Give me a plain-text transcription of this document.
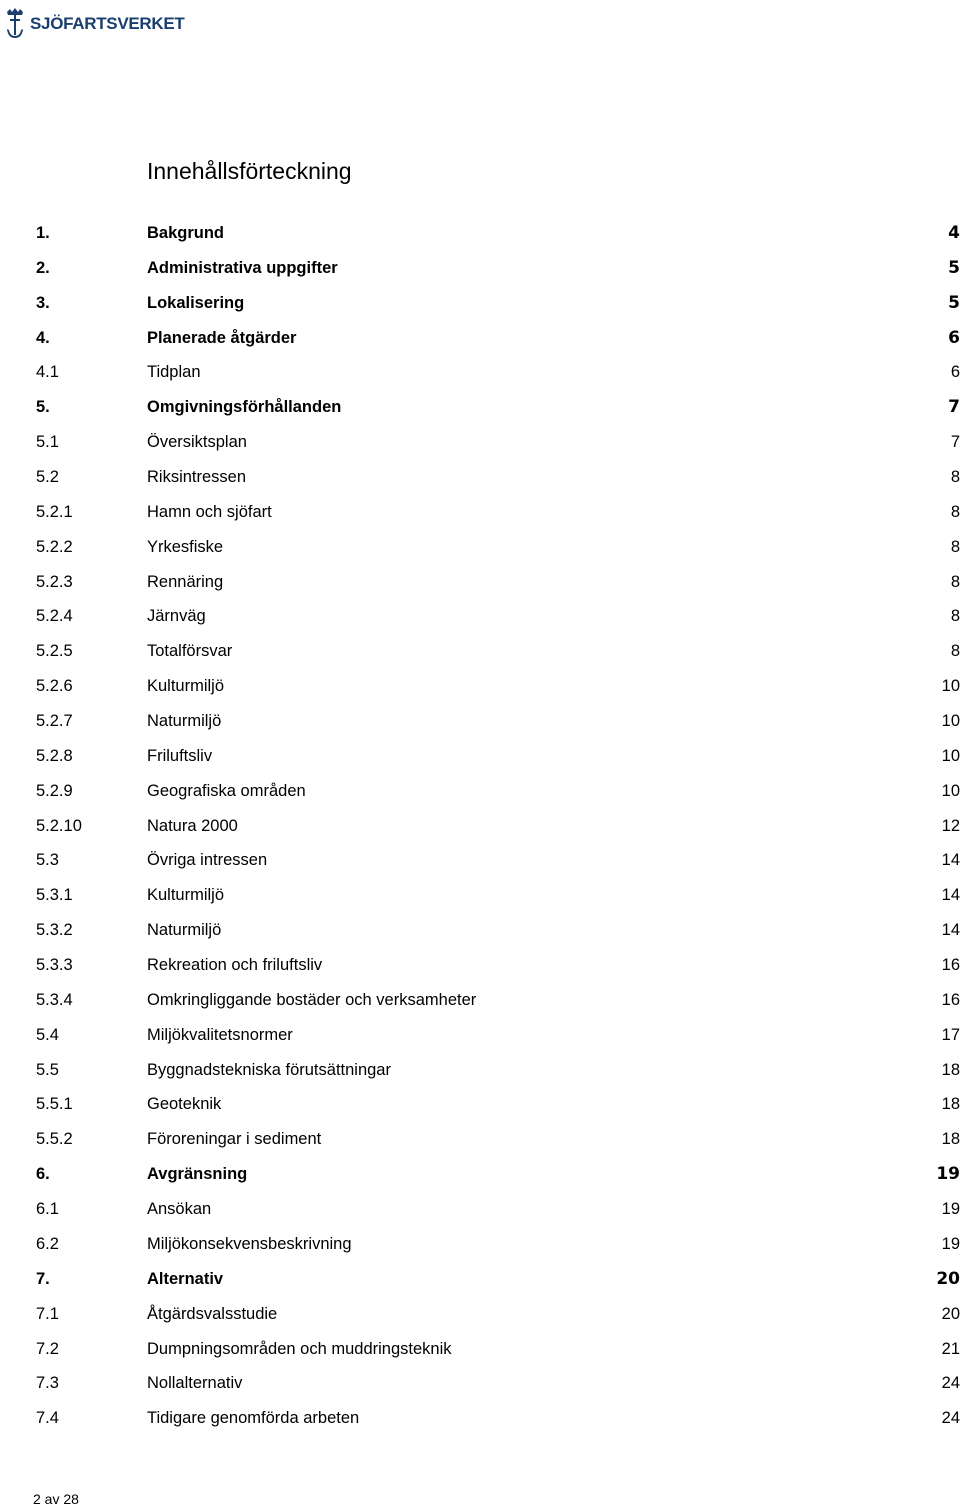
SJÖFARTSVERKET
Innehållsförteckning
1.	Bakgrund .....	4
2.	Administrativa uppgifter .....	5
3.	Lokalisering .....	5
4.	Planerade åtgärder .....	6
4.1	Tidplan .....	6
5.	Omgivningsförhållanden .....	7
5.1	Översiktsplan .....	7
5.2	Riksintressen .....	8
5.2.1	Hamn och sjöfart .....	8
5.2.2	Yrkesfiske .....	8
5.2.3	Rennäring .....	8
5.2.4	Järnväg .....	8
5.2.5	Totalförsvar .....	8
5.2.6	Kulturmiljö .....	10
5.2.7	Naturmiljö .....	10
5.2.8	Friluftsliv .....	10
5.2.9	Geografiska områden .....	10
5.2.10	Natura 2000 .....	12
5.3	Övriga intressen .....	14
5.3.1	Kulturmiljö .....	14
5.3.2	Naturmiljö .....	14
5.3.3	Rekreation och friluftsliv .....	16
5.3.4	Omkringliggande bostäder och verksamheter .....	16
5.4	Miljökvalitetsnormer .....	17
5.5	Byggnadstekniska förutsättningar .....	18
5.5.1	Geoteknik .....	18
5.5.2	Föroreningar i sediment .....	18
6.	Avgränsning .....	19
6.1	Ansökan .....	19
6.2	Miljökonsekvensbeskrivning .....	19
7.	Alternativ .....	20
7.1	Åtgärdsvalsstudie .....	20
7.2	Dumpningsområden och muddringsteknik .....	21
7.3	Nollalternativ .....	24
7.4	Tidigare genomförda arbeten .....	24
2 av 28
